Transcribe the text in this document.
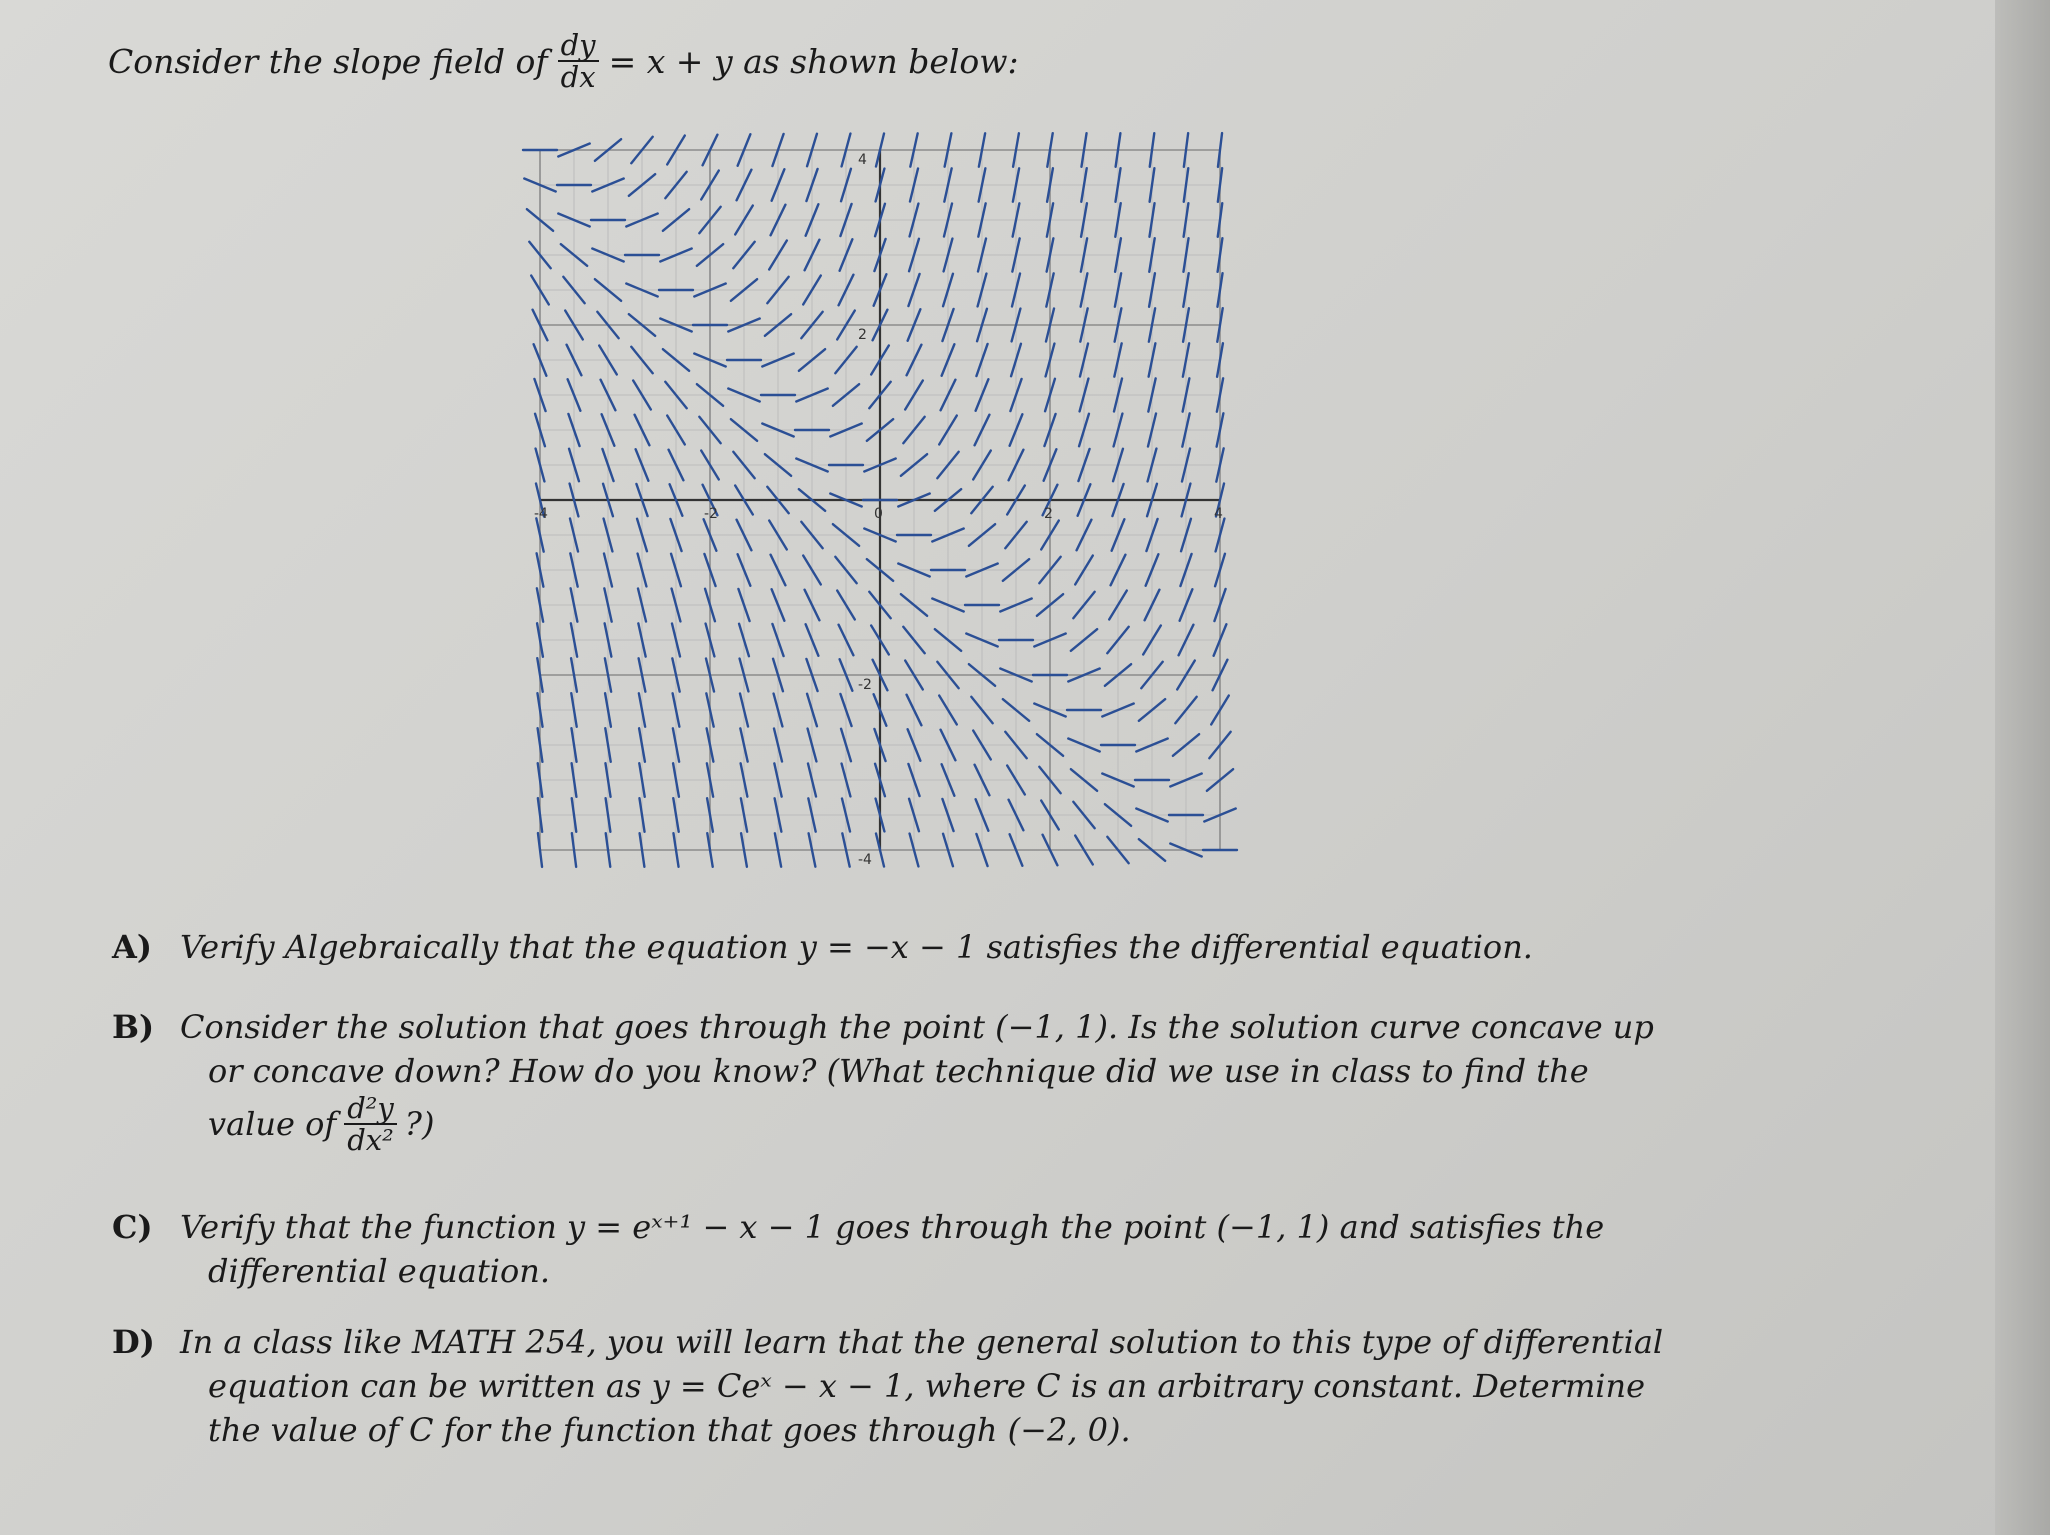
Consider the slope field of $\frac{dy}{dx} = x + y$ as shown below:
-4	-2	0	2	4
4
2
-2
-4
A) Verify Algebraically that the equation y = −x − 1 satisfies the differential equation.
B) Consider the solution that goes through the point (−1, 1). Is the solution curve concave up
or concave down? How do you know? (What technique did we use in class to find the
value of $\frac{\text{d²y}}{\text{dx²}}$ ?)
C) Verify that the function y = eˣ⁺¹ − x − 1 goes through the point (−1, 1) and satisfies the
differential equation.
D) In a class like MATH 254, you will learn that the general solution to this type of differential
equation can be written as y = Ceˣ − x − 1, where C is an arbitrary constant. Determine
the value of C for the function that goes through (−2, 0).
